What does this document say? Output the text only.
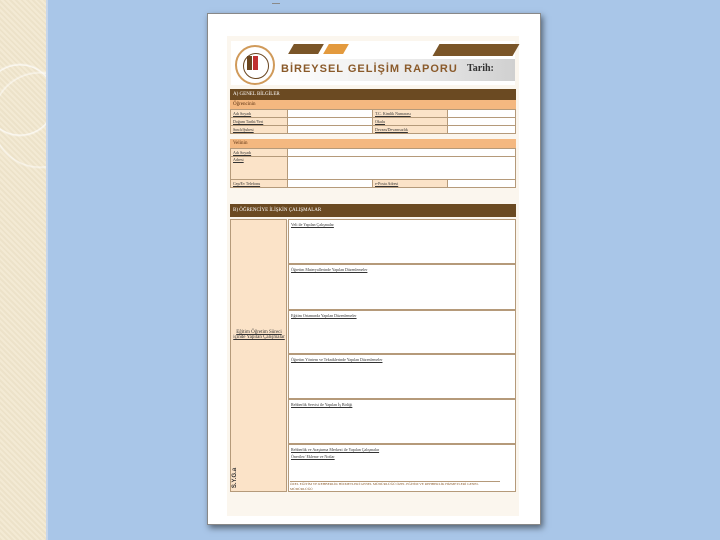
BİREYSEL GELİŞİM RAPORU Tarih:
A) GENEL BİLGİLER
Öğrencinin
Adı Soyadı		T.C. Kimlik Numarası	
Doğum Tarihi/Yeri		Okulu	
Sınıfı/Şubesi		Devam/Devamsızlık	
Velinin
Adı Soyadı			
Adresi			
Cep/Ev Telefonu		e-Posta Adresi	
B) ÖĞRENCİYE İLİŞKİN ÇALIŞMALAR
Eğitim Öğretim Süreci içinde Yapılan Çalışmalar
S.Y.G.a
Veli ile Yapılan Çalışmalar
Öğretim Materyallerinde Yapılan Düzenlemeler
Eğitim Ortamında Yapılan Düzenlemeler
Öğretim Yöntem ve Tekniklerinde Yapılan Düzenlemeler
Rehberlik Servisi ile Yapılan İş Birliği
Rehberlik ve Araştırma Merkezi ile Yapılan Çalışmalar
Öneriler/ Ekleme ve Notlar
ÖZEL EĞİTİM VE REHBERLİK HİZMETLERİ GENEL MÜDÜRLÜĞÜ ÖZEL EĞİTİM VE REHBERLİK HİZMETLERİ GENEL MÜDÜRLÜĞÜ
